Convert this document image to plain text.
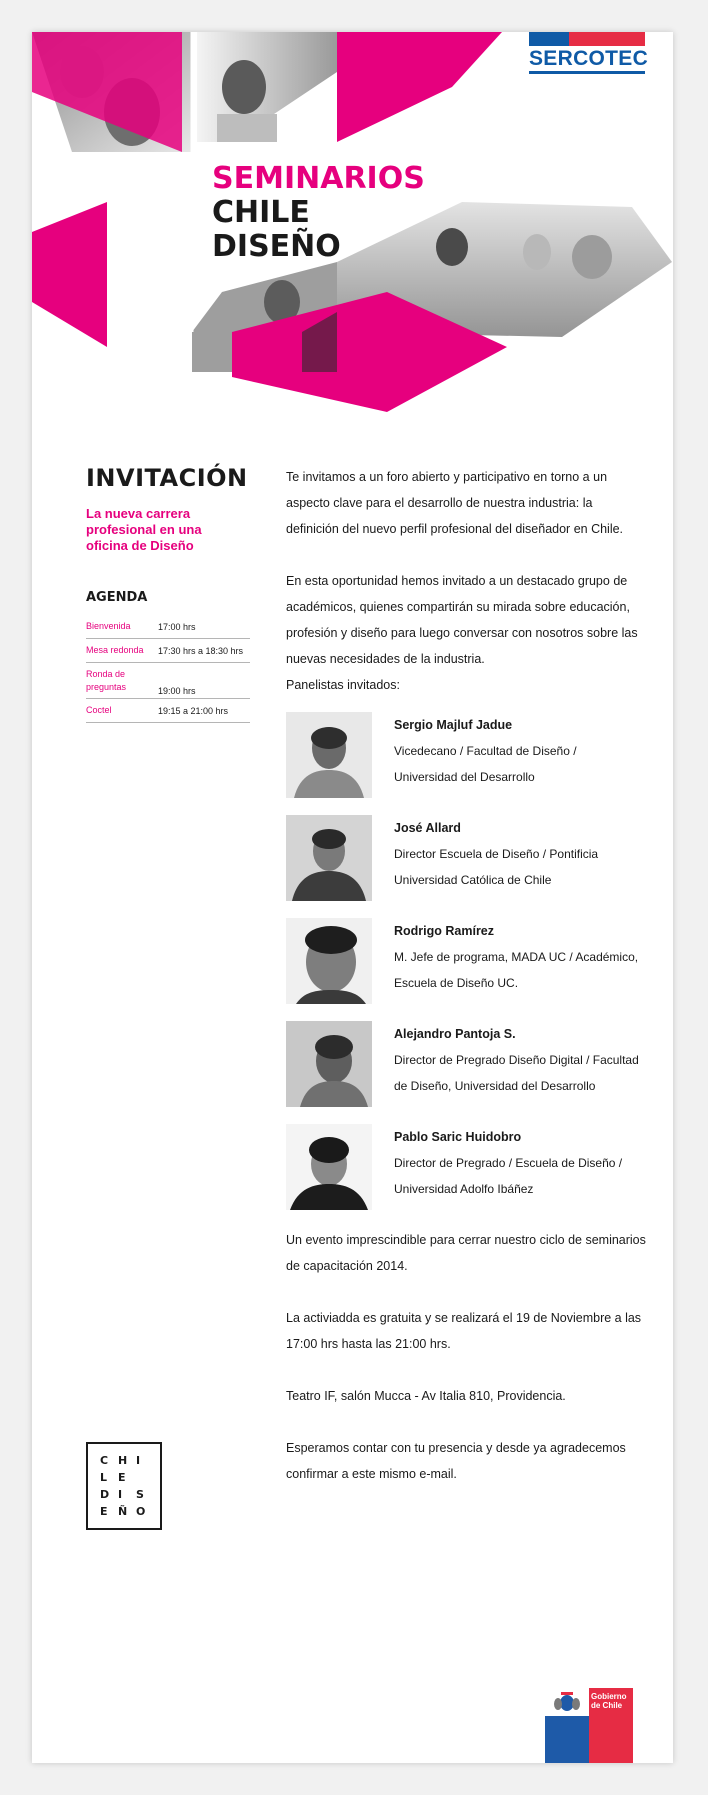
SERCOTEC
SEMINARIOS
CHILE
DISEÑO
INVITACIÓN
La nueva carrera profesional en una oficina de Diseño
AGENDA
Bienvenida	17:00 hrs
Mesa redonda	17:30 hrs a 18:30 hrs
Ronda de preguntas	19:00 hrs
Coctel	19:15 a 21:00 hrs

Te invitamos a un foro abierto y participativo en torno a un aspecto clave para el desarrollo de nuestra industria: la definición del nuevo perfil profesional del diseñador en Chile.

En esta oportunidad hemos invitado a un destacado grupo de académicos, quienes compartirán su mirada sobre educación, profesión y diseño para luego conversar con nosotros sobre las nuevas necesidades de la industria.

Panelistas invitados:

Sergio Majluf Jadue
Vicedecano / Facultad de Diseño /
Universidad del Desarrollo
José Allard
Director Escuela de Diseño / Pontificia
Universidad Católica de Chile
Rodrigo Ramírez
M. Jefe de programa, MADA UC / Académico,
Escuela de Diseño UC.
Alejandro Pantoja S.
Director de Pregrado Diseño Digital / Facultad
de Diseño, Universidad del Desarrollo
Pablo Saric Huidobro
Director de Pregrado / Escuela de Diseño /
Universidad Adolfo Ibáñez

Un evento imprescindible para cerrar nuestro ciclo de seminarios de capacitación 2014.

La activiadda es gratuita y se realizará el 19 de Noviembre a las 17:00 hrs hasta las 21:00 hrs.

Teatro IF, salón Mucca - Av Italia 810, Providencia.

Esperamos contar con tu presencia y desde ya agradecemos confirmar a este mismo e-mail.

C H I
L E
D I S
E Ñ O
Gobierno de Chile
